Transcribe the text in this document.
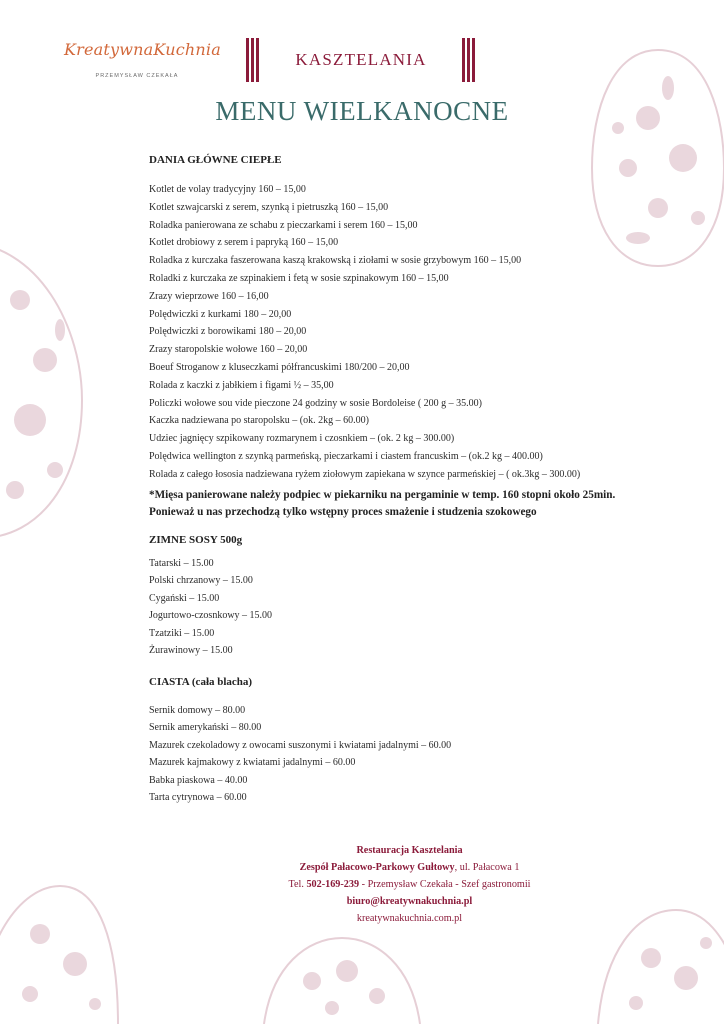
KreatywnaKuchnia
PRZEMYSŁAW CZEKAŁA
KASZTELANIA
MENU WIELKANOCNE
DANIA GŁÓWNE CIEPŁE
Kotlet de volay tradycyjny 160 – 15,00
Kotlet szwajcarski z serem, szynką i pietruszką 160 – 15,00
Roladka panierowana ze schabu z pieczarkami i serem 160 – 15,00
Kotlet drobiowy z serem i papryką 160 – 15,00
Roladka z kurczaka faszerowana kaszą krakowską i ziołami w sosie grzybowym 160 – 15,00
Roladki z kurczaka ze szpinakiem i fetą w sosie szpinakowym 160 – 15,00
Zrazy wieprzowe 160 – 16,00
Polędwiczki z kurkami 180 – 20,00
Polędwiczki z borowikami 180 – 20,00
Zrazy staropolskie wołowe 160 – 20,00
Boeuf Stroganow z kluseczkami półfrancuskimi 180/200 – 20,00
Rolada z kaczki z jabłkiem i figami ½ – 35,00
Policzki wołowe sou vide pieczone 24 godziny w sosie Bordoleise ( 200 g – 35.00)
Kaczka nadziewana po staropolsku – (ok. 2kg – 60.00)
Udziec jagnięcy szpikowany rozmarynem i czosnkiem – (ok. 2 kg – 300.00)
Polędwica wellington z szynką parmeńską, pieczarkami i ciastem francuskim – (ok.2 kg – 400.00)
Rolada z całego łososia nadziewana ryżem ziołowym zapiekana w szynce parmeńskiej – ( ok.3kg – 300.00)
*Mięsa panierowane należy podpiec w piekarniku na pergaminie w temp. 160 stopni około 25min.
Ponieważ u nas przechodzą tylko wstępny proces smażenie i studzenia szokowego
ZIMNE SOSY 500g
Tatarski – 15.00
Polski chrzanowy – 15.00
Cygański – 15.00
Jogurtowo-czosnkowy – 15.00
Tzatziki – 15.00
Żurawinowy – 15.00
CIASTA (cała blacha)
Sernik domowy – 80.00
Sernik amerykański – 80.00
Mazurek czekoladowy z owocami suszonymi i kwiatami jadalnymi – 60.00
Mazurek kajmakowy z kwiatami jadalnymi – 60.00
Babka piaskowa – 40.00
Tarta cytrynowa – 60.00
Restauracja Kasztelania
Zespół Pałacowo-Parkowy Gułtowy, ul. Pałacowa 1
Tel. 502-169-239 - Przemysław Czekała - Szef gastronomii
biuro@kreatywnakuchnia.pl
kreatywnakuchnia.com.pl
